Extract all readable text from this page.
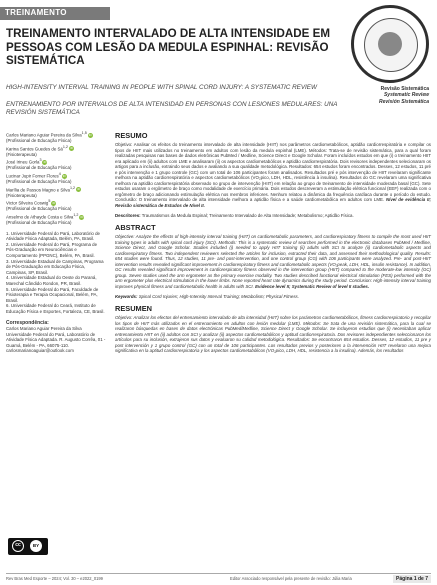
TREINAMENTO
TREINAMENTO INTERVALADO DE ALTA INTENSIDADE EM PESSOAS COM LESÃO DA MEDULA ESPINHAL: REVISÃO SISTEMÁTICA
Revisão Sistemática
Systematic Review
Revisión Sistemática
HIGH-INTENSITY INTERVAL TRAINING IN PEOPLE WITH SPINAL CORD INJURY: A SYSTEMATIC REVIEW
ENTRENAMIENTO POR INTERVALOS DE ALTA INTENSIDAD EN PERSONAS CON LESIONES MEDULARES: UNA REVISIÓN SISTEMÁTICA
Carlos Mariano Aguiar Pereira da Silva$^{1,5}$ iD
(Profissional de Educação Física)
Karina Santos Guedes de Sá$^{1,2}$ iD
(Fisioterapeuta)
José Irineu Gorla$^3$ iD
(Profissional de Educação Física)
Lucinar Jupir Forner Flores$^4$ iD
(Profissional de Educação Física)
Marília de Passos Magno e Silva$^{1,2}$ iD
(Fisioterapeuta)
Victor Silveira Coswig$^5$ iD
(Profissional de Educação Física)
Anselmo de Athayde Costa e Silva$^{1,2}$ iD
(Profissional de Educação Física)
1. Universidade Federal do Pará, Laboratório de Atividade Física Adaptada, Belém, PA, Brasil.
2. Universidade Federal do Pará, Programa de Pós-Graduação em Neurociências e Comportamento (PPGNC), Belém, PA, Brasil.
3. Universidade Estadual de Campinas, Programa de Pós-Graduação em Educação Física, Campinas, SP, Brasil.
4. Universidade Estadual do Oeste do Paraná, Marechal Cândido Rondon, PR, Brasil.
5. Universidade Federal do Pará, Faculdade de Fisioterapia e Terapia Ocupacional, Belém, PA, Brasil.
6. Universidade Federal do Ceará, Instituto de Educação Física e Esportes, Fortaleza, CE, Brasil.
Correspondência:
Carlos Mariano Aguiar Pereira da Silva Universidade Federal do Pará, Laboratório de Atividade Física Adaptada. R. Augusto Corrêa, 01 - Guamá, Belém - PA, 66075-110. carlosmarianoaguiar@outlook.com
cc	BY
RESUMO

Objetivo: Analisar os efeitos do treinamento intervalado de alta intensidade (HIIT) nos parâmetros cardiometabólicos, aptidão cardiorrespiratória e compilar os tipos de HIIT mais utilizados no treinamento em adultos com lesão da medula espinhal (LME). Métodos: Trata-se de revisão sistemática, para a qual foram realizadas pesquisas nas bases de dados eletrônicas PubMed / Medline, Science Direct e Google Scholar. Foram incluídos estudos em que (i) o treinamento HIIT era aplicado em (ii) adultos com LME e analisaram (ii) os aspectos cardiometabólicos e aptidão cardiorrespiratória. Dois revisores independentes selecionaram os artigos para a inclusão, extraindo seus dados e avaliando a sua qualidade metodológica. Resultados: 654 estudos foram encontrados. Desses, 12 estudos, 11 pré e pós intervenção e 1 grupo controle (GC) com um total de 106 participantes foram analisados. Resultados pré e pós intervenção de HIIT revelaram significante melhora na aptidão cardiorrespiratória e aspectos cardiometabólicos (VO₂pico, LDH, HDL, resistência à insulina). Resultados do GC revelaram uma significativa melhora na aptidão cardiorrespiratória observado no grupo de intervenção (HIIT) em relação ao grupo de treinamento de intensidade moderada basal (GC). Sete estudos usaram o ergômetro de braço como modalidade de exercício primária. Dois estudos descreveram a estimulação elétrica funcional (EEF) realizada com o ergômetro de braço adicionando estimulação elétrica nos membros inferiores. Nenhum relatou a dinâmica da frequência cardíaca durante o período do estudo. Conclusão: O treinamento intervalado de alta intensidade melhora a aptidão física e a saúde cardiometabólica em adultos com LME. Nível de evidência II; Revisão sistemática de Estudos de Nível II.

Descritores: Traumatismos da Medula Espinal; Treinamento Intervalado de Alta Intensidade; Metabolismo; Aptidão Física.

ABSTRACT

Objective: Analyze the effects of high-intensity interval training (HIIT) on cardiometabolic parameters, and cardiorespiratory fitness to compile the most used HIIT training types in adults with spinal cord injury (SCI). Methods: This is a systematic review of searches performed in the electronic databases PubMed / Medline, Science Direct, and Google Scholar. Studies included (i) needed to apply HIIT training (ii) adults with SCI to analyze (ii) cardiometabolic aspects and cardiorespiratory fitness. Two independent reviewers selected the articles for inclusion, extracted their data, and assessed their methodological quality. Results: 654 studies were found. Thus, 12 studies, 11 pre- and post-intervention, and one control group (CG) with 106 participants were analyzed. Pre- and post-HIIT intervention results revealed significant improvement in cardiorespiratory fitness and cardiometabolic aspects (VO₂peak, LDH, HDL, insulin resistance). In addition, GC results revealed significant improvement in cardiorespiratory fitness observed in the intervention group (HIIT) compared to the moderate-low intensity (GC) group. Seven studies used the arm ergometer as the primary exercise modality. Two studies described functional electrical stimulation (FES) performed with the arm ergometer plus electrical stimulation in the lower limbs. None reported heart rate dynamics during the study period. Conclusion: High-intensity interval training improves physical fitness and cardiometabolic health in adults with SCI. Evidence level II; Systematic Review of level II studies.

Keywords: Spinal Cord Injuries; High-Intensity Interval Training; Metabolism; Physical Fitness.

RESUMEN

Objetivo: Analizar los efectos del entrenamiento intervalado de alta intensidad (HIIT) sobre los parámetros cardiometabólicos, fitness cardiorrespiratorio y recopilar los tipos de HIIT más utilizados en el entrenamiento en adultos con lesión medular (LME). Métodos: Se trata de una revisión sistemática, para la cual se realizaron búsquedas en bases de datos electrónicas PubMed/Medline, Science Direct y Google Scholar. Se incluyeron estudios que (i) necesitaban aplicar entrenamiento HIIT en (ii) adultos con SCI y analizar (ii) aspectos cardiometabólicos y aptitud cardiorrespiratoria. Dos revisores independientes seleccionaron los artículos para su inclusión, extrajeron sus datos y evaluaron su calidad metodológica. Resultados: Se encontraron 654 estudios. Desses, 12 estudios, 11 pre y post intervención y 1 grupo control (GC) con un total de 106 participantes. Los resultados previos y posteriores a la intervención HIIT revelaron una mejora significativa en la aptitud cardiorrespiratoria y los aspectos cardiometabólicos (VO₂pico, LDH, HDL, resistencia a la insulina). Además, los resultados

Rev Bras Med Esporte – 2024; Vol. 30 – e2022_0199	Editor Associado responsável pela presente de revisão: Júlia Maria	Página 1 de 7
